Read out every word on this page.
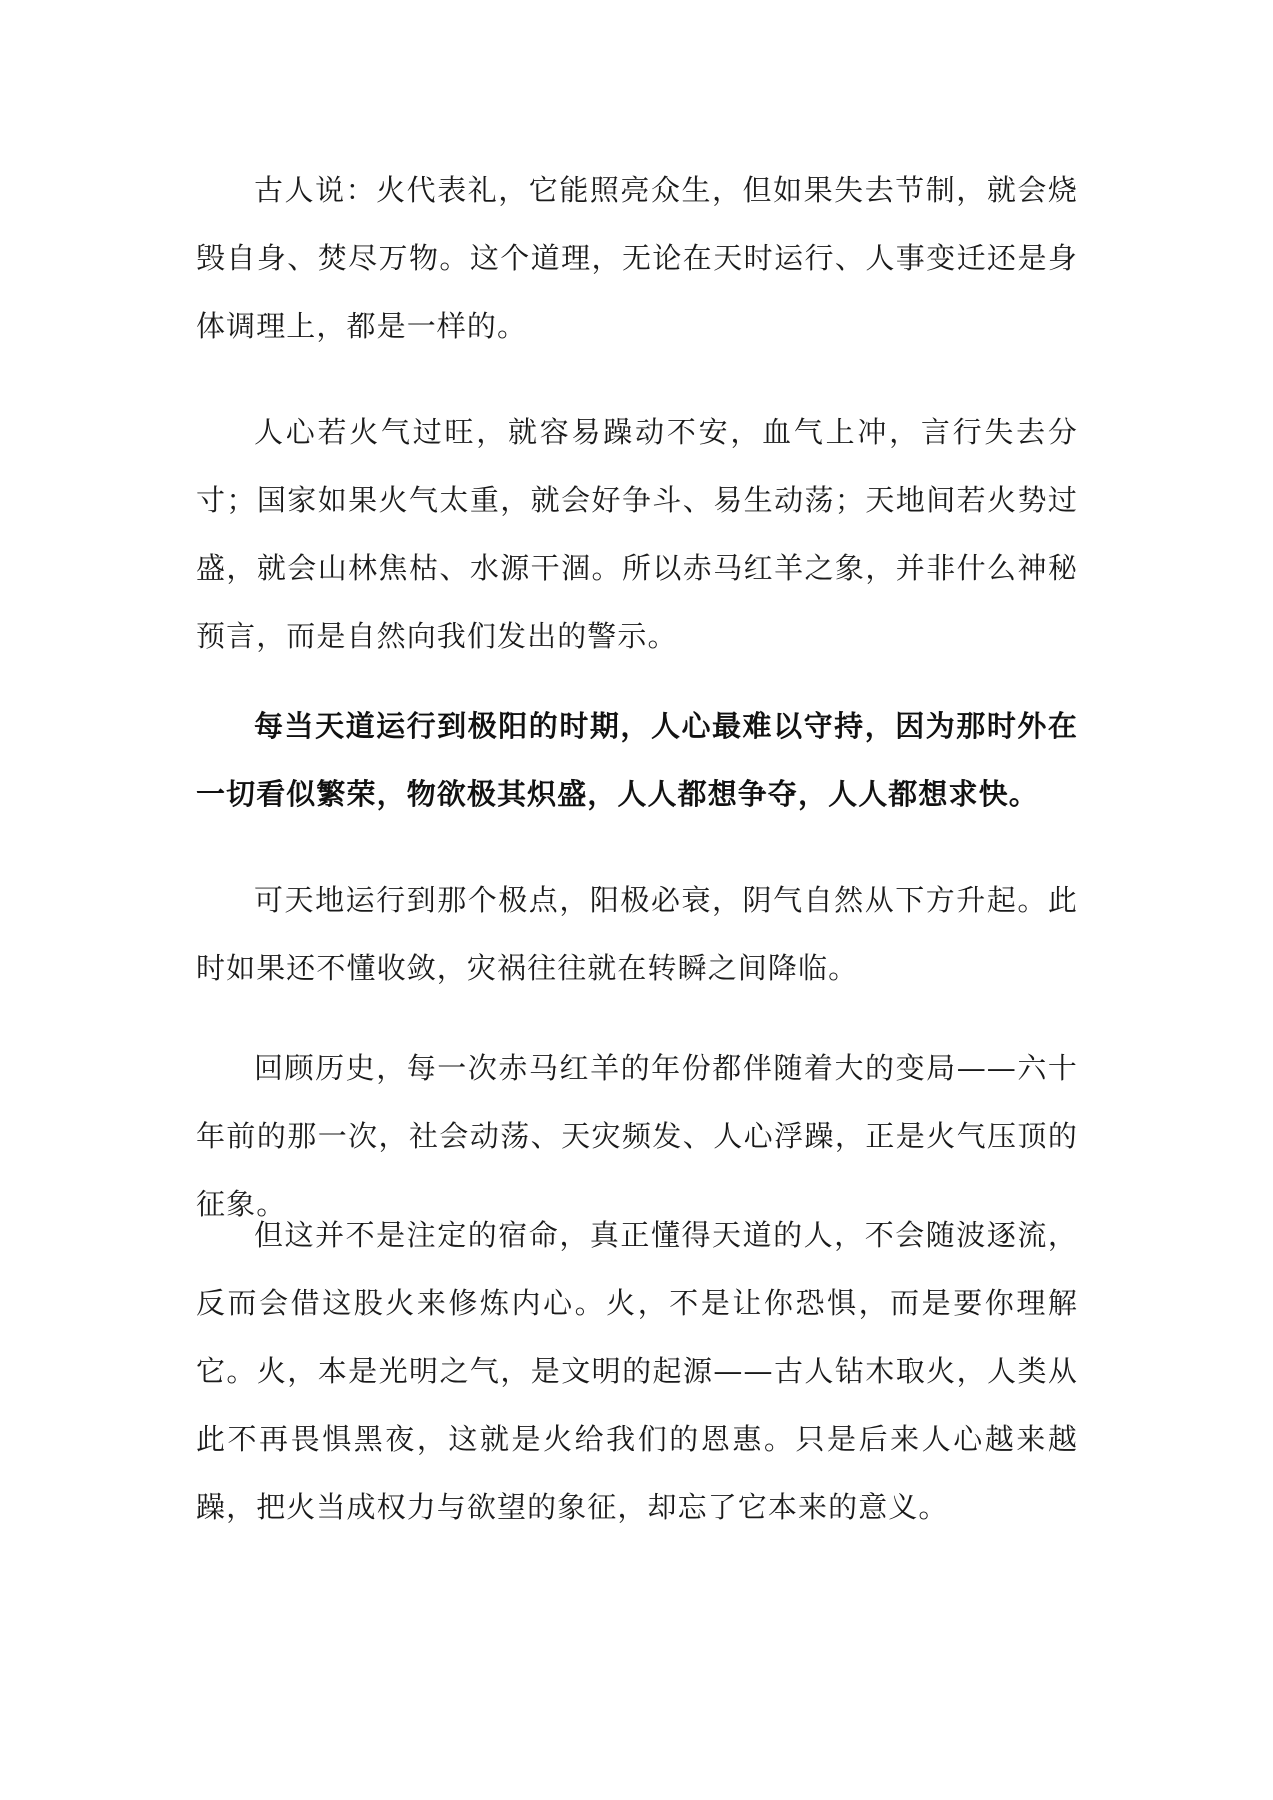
古人说：火代表礼，它能照亮众生，但如果失去节制，就会烧毁自身、焚尽万物。这个道理，无论在天时运行、人事变迁还是身体调理上，都是一样的。

人心若火气过旺，就容易躁动不安，血气上冲，言行失去分寸；国家如果火气太重，就会好争斗、易生动荡；天地间若火势过盛，就会山林焦枯、水源干涸。所以赤马红羊之象，并非什么神秘预言，而是自然向我们发出的警示。

每当天道运行到极阳的时期，人心最难以守持，因为那时外在一切看似繁荣，物欲极其炽盛，人人都想争夺，人人都想求快。

可天地运行到那个极点，阳极必衰，阴气自然从下方升起。此时如果还不懂收敛，灾祸往往就在转瞬之间降临。

回顾历史，每一次赤马红羊的年份都伴随着大的变局——六十年前的那一次，社会动荡、天灾频发、人心浮躁，正是火气压顶的征象。

但这并不是注定的宿命，真正懂得天道的人，不会随波逐流，反而会借这股火来修炼内心。火，不是让你恐惧，而是要你理解它。火，本是光明之气，是文明的起源——古人钻木取火，人类从此不再畏惧黑夜，这就是火给我们的恩惠。只是后来人心越来越躁，把火当成权力与欲望的象征，却忘了它本来的意义。
